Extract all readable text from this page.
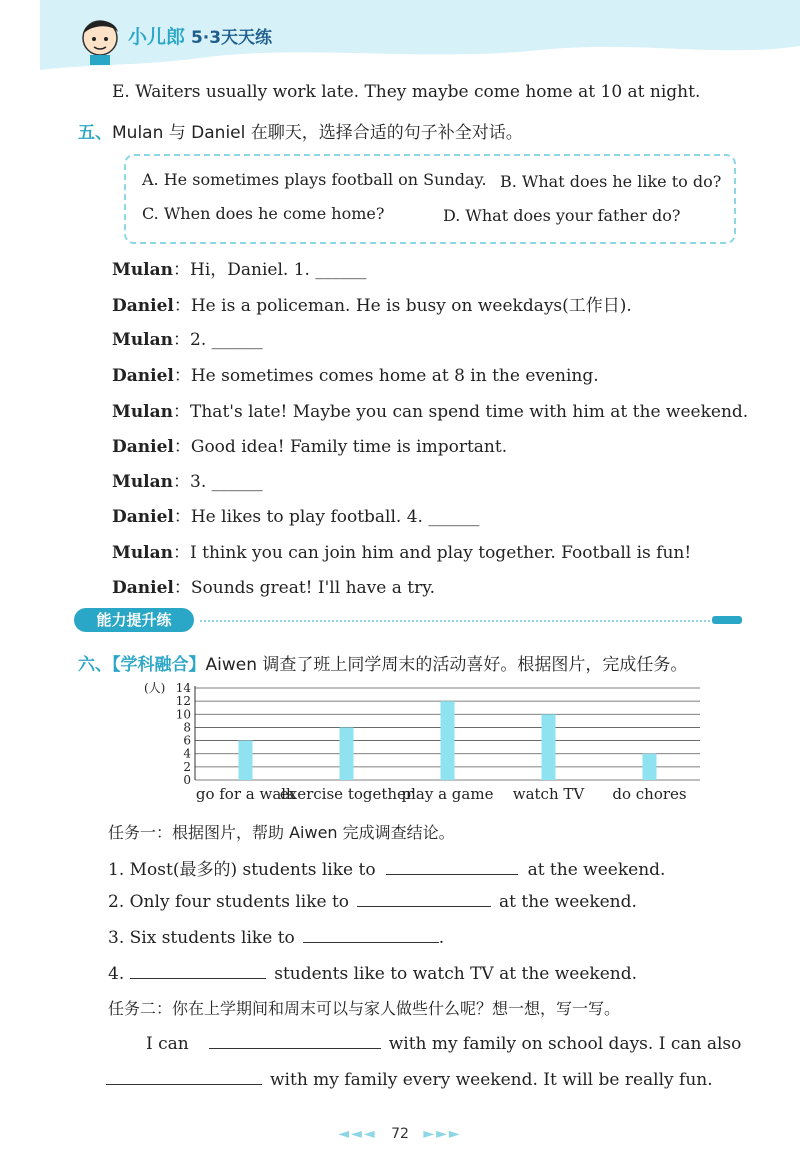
小儿郎 5·3天天练
E. Waiters usually work late. They maybe come home at 10 at night.
五、Mulan 与 Daniel 在聊天，选择合适的句子补全对话。
A. He sometimes plays football on Sunday. B. What does he like to do?
C. When does he come home?	D. What does your father do?
Mulan：Hi，Daniel. 1. ______
Daniel：He is a policeman. He is busy on weekdays(工作日).
Mulan：2. ______
Daniel：He sometimes comes home at 8 in the evening.
Mulan：That's late! Maybe you can spend time with him at the weekend.
Daniel：Good idea! Family time is important.
Mulan：3. ______
Daniel：He likes to play football. 4. ______
Mulan：I think you can join him and play together. Football is fun!
Daniel：Sounds great! I'll have a try.
能力提升练
六、【学科融合】Aiwen 调查了班上同学周末的活动喜好。根据图片，完成任务。
0
2
4
6
8
10
12
14
(人)
go for a walk
exercise together
play a game watch TV do chores
任务一：根据图片，帮助 Aiwen 完成调查结论。
1. Most(最多的) students like to	at the weekend.
2. Only four students like to	at the weekend.
3. Six students like to	.
4.	students like to watch TV at the weekend.
任务二：你在上学期间和周末可以与家人做些什么呢？想一想，写一写。
I can	with my family on school days. I can also
with my family every weekend. It will be really fun.
◄◄◄ 72 ►►►
